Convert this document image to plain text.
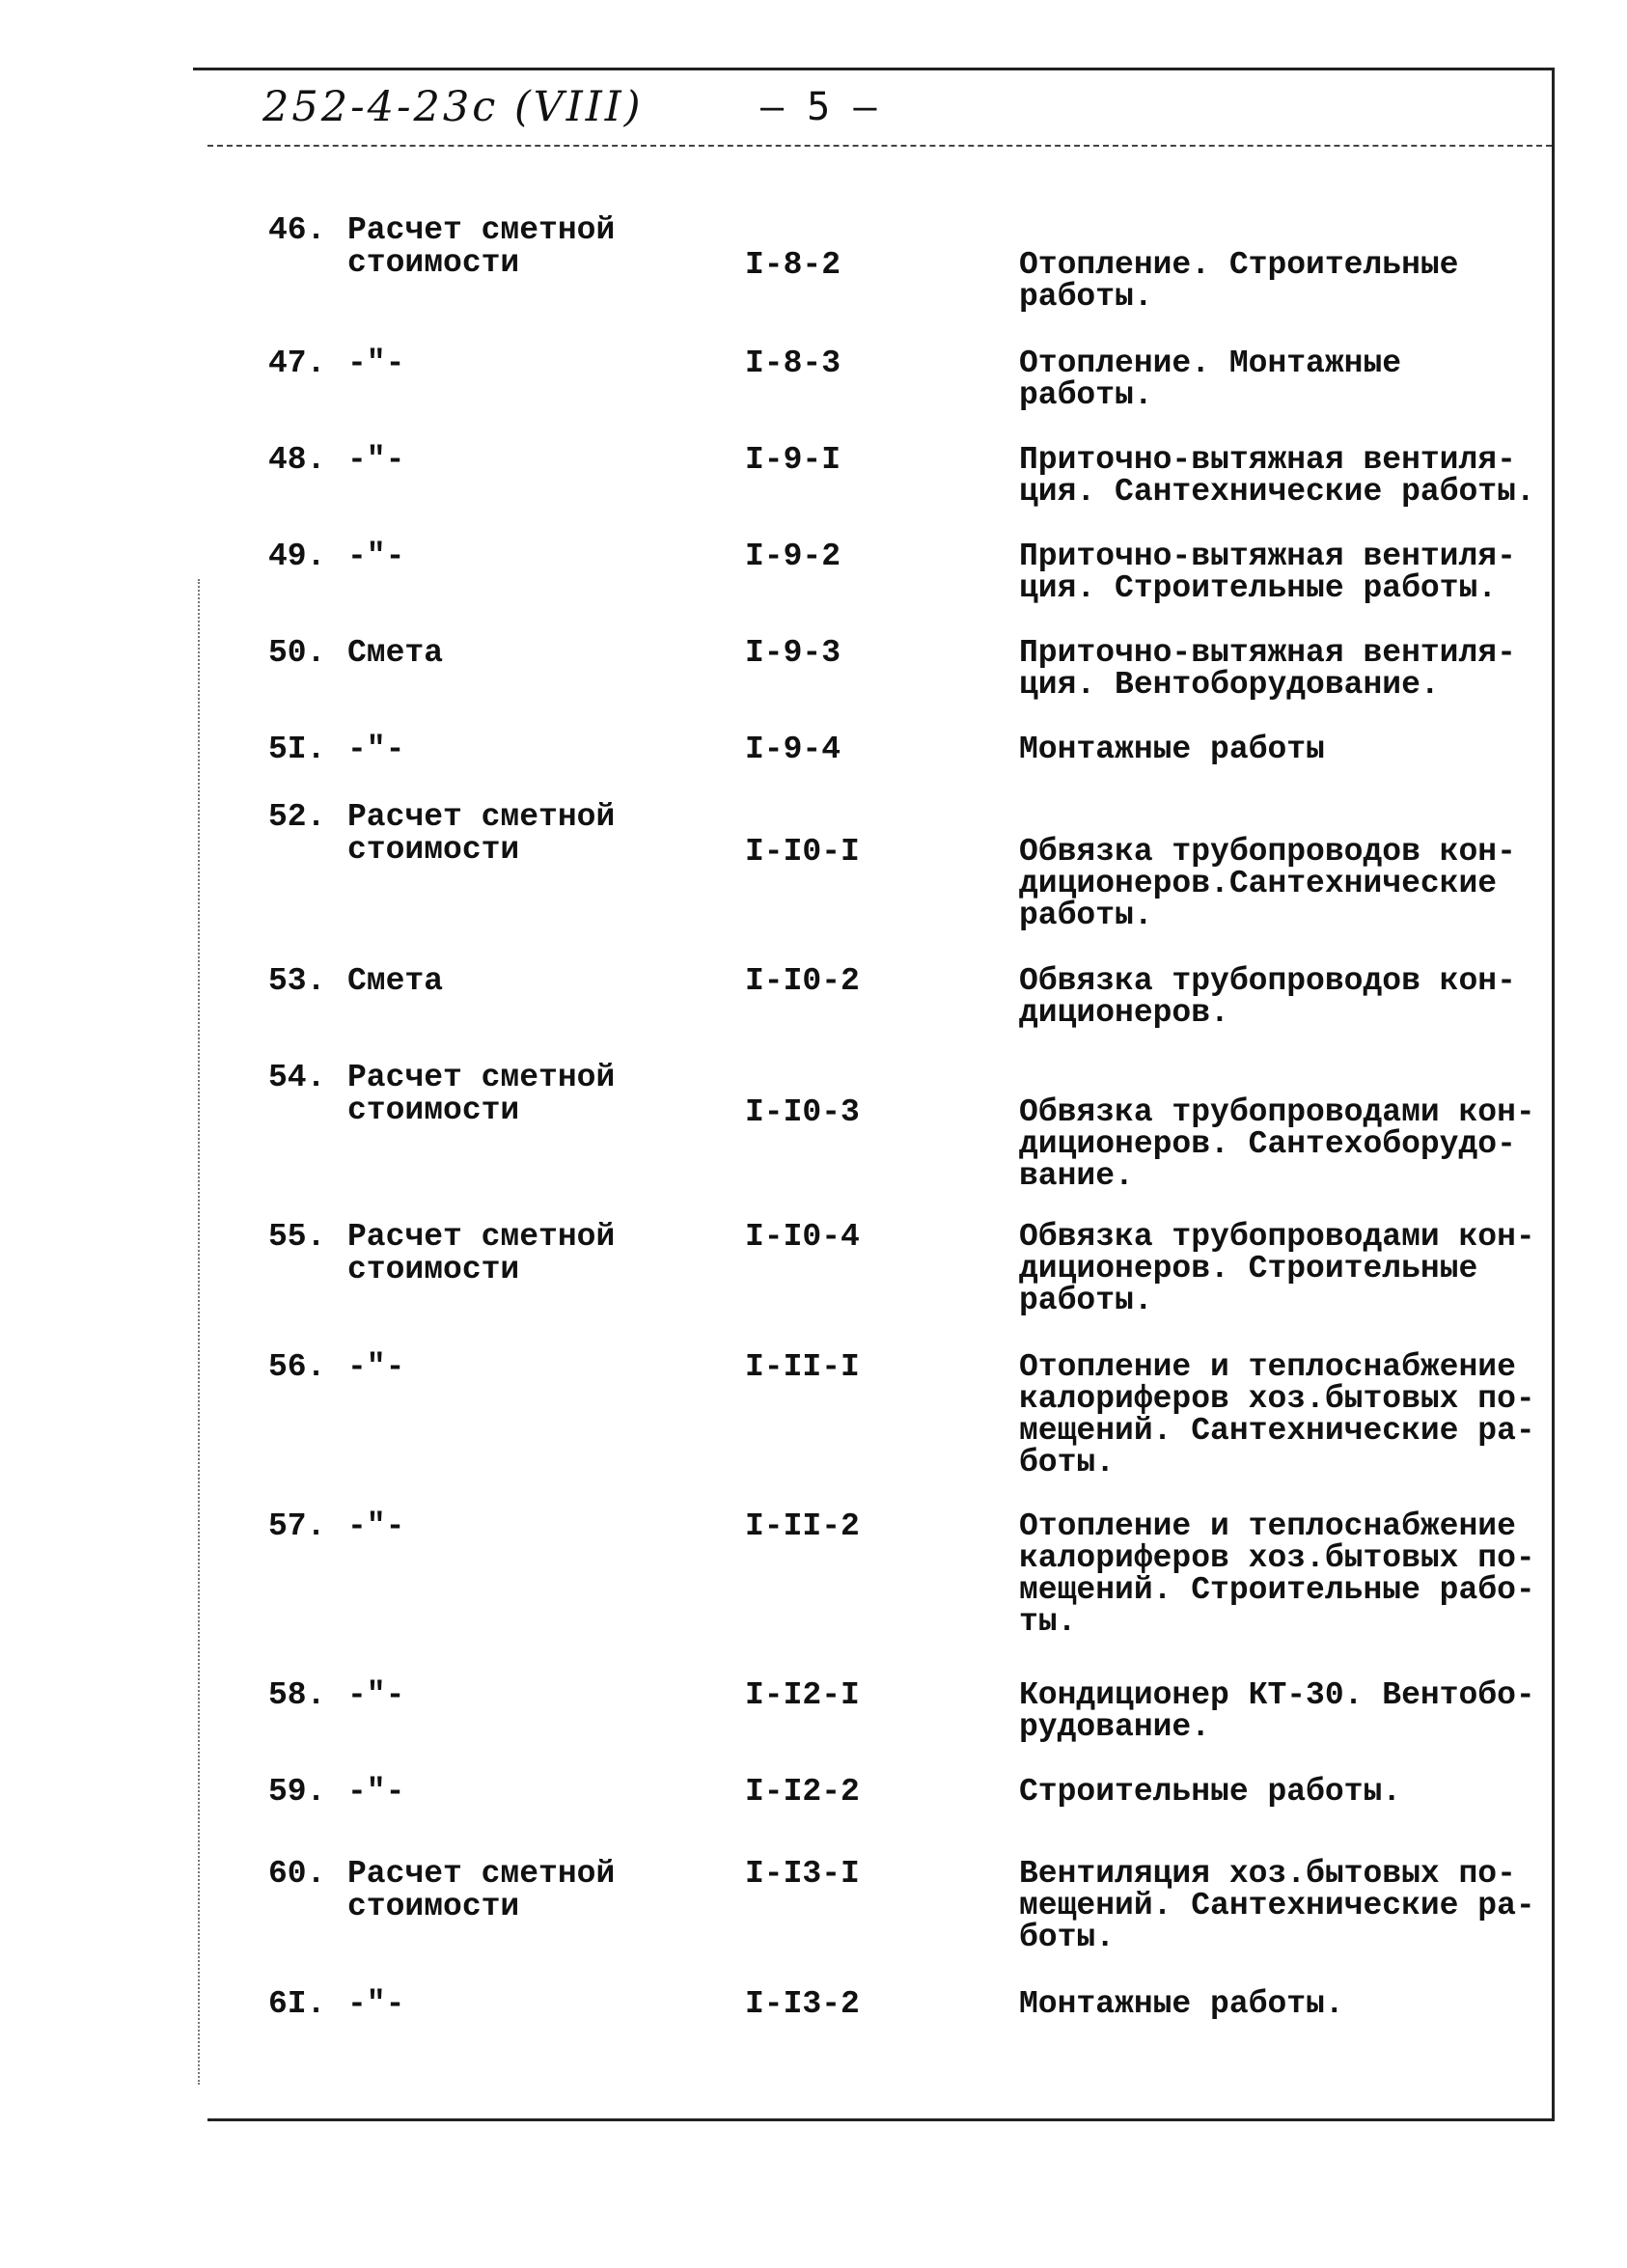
252-4-23с (VIII)	— 5 —
46. Расчет сметной
стоимости	I-8-2	Отопление. Строительные
работы.
47. -"-	I-8-3	Отопление. Монтажные
работы.
48. -"-	I-9-I	Приточно-вытяжная вентиля-
ция. Сантехнические работы.
49. -"-	I-9-2	Приточно-вытяжная вентиля-
ция. Строительные работы.
50. Смета	I-9-3	Приточно-вытяжная вентиля-
ция. Вентоборудование.
5I. -"-	I-9-4	Монтажные работы
52. Расчет сметной
стоимости	I-I0-I	Обвязка трубопроводов кон-
диционеров.Сантехнические
работы.
53. Смета	I-I0-2	Обвязка трубопроводов кон-
диционеров.
54. Расчет сметной
стоимости	I-I0-3	Обвязка трубопроводами кон-
диционеров. Сантехоборудо-
вание.
55. Расчет сметной
стоимости
I-I0-4	Обвязка трубопроводами кон-
диционеров. Строительные
работы.
56. -"-	I-II-I	Отопление и теплоснабжение
калориферов хоз.бытовых по-
мещений. Сантехнические ра-
боты.
57. -"-	I-II-2	Отопление и теплоснабжение
калориферов хоз.бытовых по-
мещений. Строительные рабо-
ты.
58. -"-	I-I2-I	Кондиционер КТ-30. Вентобо-
рудование.
59. -"-	I-I2-2	Строительные работы.
60. Расчет сметной
стоимости
I-I3-I	Вентиляция хоз.бытовых по-
мещений. Сантехнические ра-
боты.
6I. -"-	I-I3-2	Монтажные работы.
